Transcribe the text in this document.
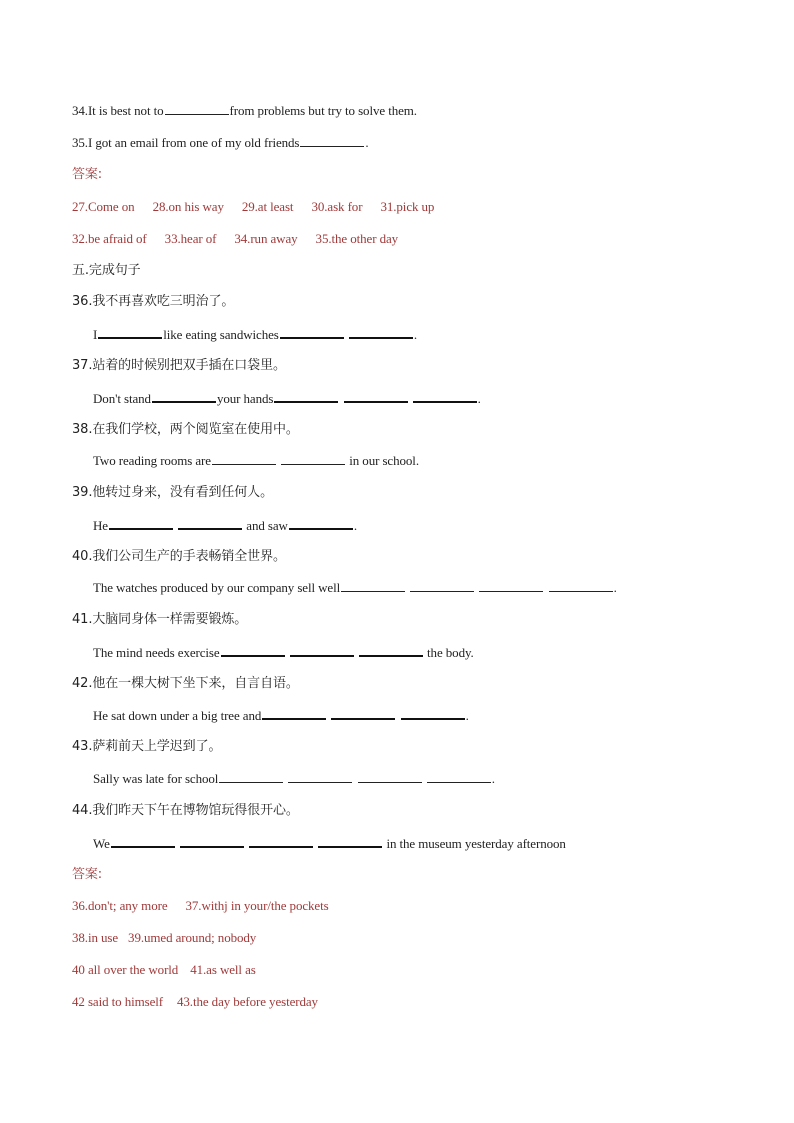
34.It is best not to	from problems but try to solve them.
35.I got an email from one of my old friends	.
答案:
27.Come on 28.on his way 29.at least 30.ask for 31.pick up
32.be afraid of 33.hear of 34.run away 35.the other day
五.完成句子
36.我不再喜欢吃三明治了。
I	like eating sandwiches	.
37.站着的时候别把双手插在口袋里。
Don't stand	your hands	.
38.在我们学校，两个阅览室在使用中。
Two reading rooms are	in our school.
39.他转过身来，没有看到任何人。
He	and saw	.
40.我们公司生产的手表畅销全世界。
The watches produced by our company sell well	.
41.大脑同身体一样需要锻炼。
The mind needs exercise	the body.
42.他在一棵大树下坐下来，自言自语。
He sat down under a big tree and	.
43.萨莉前天上学迟到了。
Sally was late for school	.
44.我们昨天下午在博物馆玩得很开心。
We	in the museum yesterday afternoon
答案:
36.don't; any more 37.withj in your/the pockets
38.in use 39.umed around; nobody
40 all over the world 41.as well as
42 said to himself 43.the day before yesterday
